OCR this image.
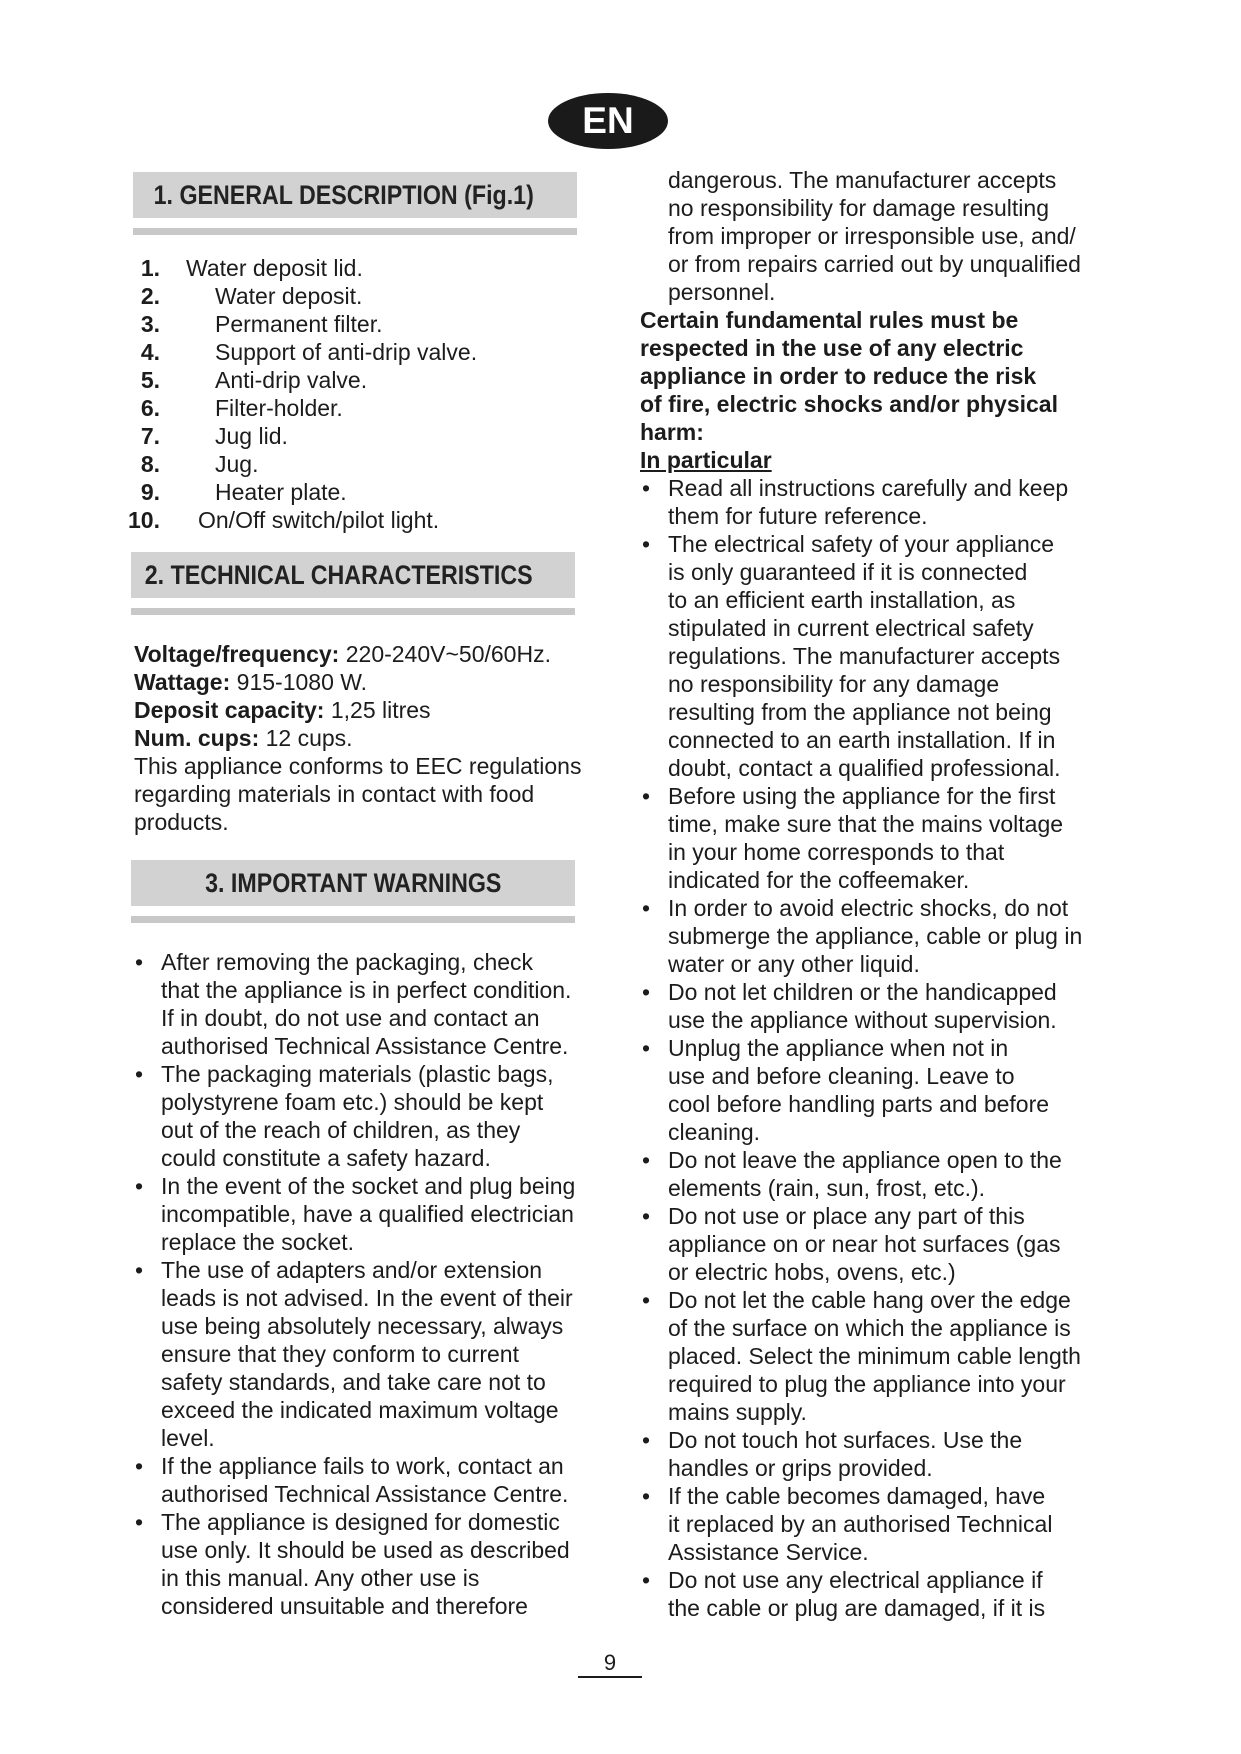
EN
1. GENERAL DESCRIPTION (Fig.1)
1. Water deposit lid.
2. Water deposit.
3. Permanent filter.
4. Support of anti-drip valve.
5. Anti-drip valve.
6. Filter-holder.
7. Jug lid.
8. Jug.
9. Heater plate.
10. On/Off switch/pilot light.
2. TECHNICAL CHARACTERISTICS

Voltage/frequency: 220-240V~50/60Hz.

Wattage: 915-1080 W.

Deposit capacity: 1,25 litres

Num. cups: 12 cups.

This appliance conforms to EEC regulations

regarding materials in contact with food

products.

3. IMPORTANT WARNINGS
• After removing the packaging, check
that the appliance is in perfect condition.
If in doubt, do not use and contact an
authorised Technical Assistance Centre.
• The packaging materials (plastic bags,
polystyrene foam etc.) should be kept
out of the reach of children, as they
could constitute a safety hazard.
• In the event of the socket and plug being
incompatible, have a qualified electrician
replace the socket.
• The use of adapters and/or extension
leads is not advised. In the event of their
use being absolutely necessary, always
ensure that they conform to current
safety standards, and take care not to
exceed the indicated maximum voltage
level.
• If the appliance fails to work, contact an
authorised Technical Assistance Centre.
• The appliance is designed for domestic
use only. It should be used as described
in this manual. Any other use is
considered unsuitable and therefore

dangerous. The manufacturer accepts

no responsibility for damage resulting

from improper or irresponsible use, and/

or from repairs carried out by unqualified

personnel.

Certain fundamental rules must be

respected in the use of any electric

appliance in order to reduce the risk

of fire, electric shocks and/or physical

harm:

In particular

• Read all instructions carefully and keep
them for future reference.
• The electrical safety of your appliance
is only guaranteed if it is connected
to an efficient earth installation, as
stipulated in current electrical safety
regulations. The manufacturer accepts
no responsibility for any damage
resulting from the appliance not being
connected to an earth installation. If in
doubt, contact a qualified professional.
• Before using the appliance for the first
time, make sure that the mains voltage
in your home corresponds to that
indicated for the coffeemaker.
• In order to avoid electric shocks, do not
submerge the appliance, cable or plug in
water or any other liquid.
• Do not let children or the handicapped
use the appliance without supervision.
• Unplug the appliance when not in
use and before cleaning. Leave to
cool before handling parts and before
cleaning.
• Do not leave the appliance open to the
elements (rain, sun, frost, etc.).
• Do not use or place any part of this
appliance on or near hot surfaces (gas
or electric hobs, ovens, etc.)
• Do not let the cable hang over the edge
of the surface on which the appliance is
placed. Select the minimum cable length
required to plug the appliance into your
mains supply.
• Do not touch hot surfaces. Use the
handles or grips provided.
• If the cable becomes damaged, have
it replaced by an authorised Technical
Assistance Service.
• Do not use any electrical appliance if
the cable or plug are damaged, if it is
9
